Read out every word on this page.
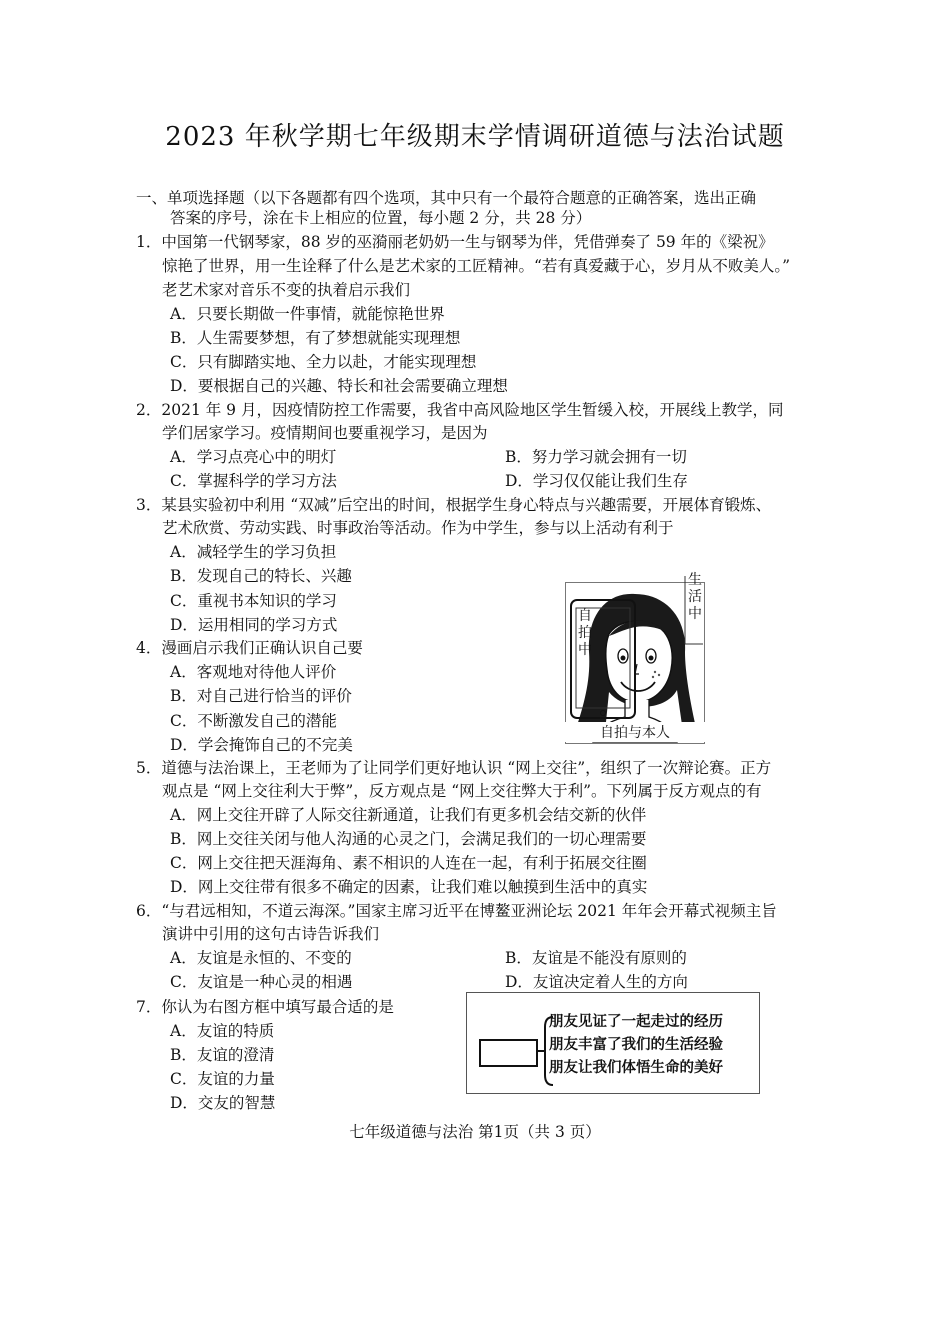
2023 年秋学期七年级期末学情调研道德与法治试题
一、单项选择题（以下各题都有四个选项，其中只有一个最符合题意的正确答案，选出正确
答案的序号，涂在卡上相应的位置，每小题 2 分，共 28 分）
1．中国第一代钢琴家，88 岁的巫漪丽老奶奶一生与钢琴为伴，凭借弹奏了 59 年的《梁祝》
惊艳了世界，用一生诠释了什么是艺术家的工匠精神。“若有真爱藏于心，岁月从不败美人。”
老艺术家对音乐不变的执着启示我们
A．只要长期做一件事情，就能惊艳世界
B．人生需要梦想，有了梦想就能实现理想
C．只有脚踏实地、全力以赴，才能实现理想
D．要根据自己的兴趣、特长和社会需要确立理想
2．2021 年 9 月，因疫情防控工作需要，我省中高风险地区学生暂缓入校，开展线上教学，同
学们居家学习。疫情期间也要重视学习，是因为
A．学习点亮心中的明灯	B．努力学习就会拥有一切
C．掌握科学的学习方法	D．学习仅仅能让我们生存
3．某县实验初中利用 “双减”后空出的时间，根据学生身心特点与兴趣需要，开展体育锻炼、
艺术欣赏、劳动实践、时事政治等活动。作为中学生，参与以上活动有利于
A．减轻学生的学习负担
B．发现自己的特长、兴趣
C．重视书本知识的学习
D．运用相同的学习方式
4．漫画启示我们正确认识自己要
A．客观地对待他人评价
B．对自己进行恰当的评价
C．不断激发自己的潜能
D．学会掩饰自己的不完美
自拍中
生活中
自拍与本人
5．道德与法治课上，王老师为了让同学们更好地认识 “网上交往”，组织了一次辩论赛。正方
观点是 “网上交往利大于弊”，反方观点是 “网上交往弊大于利”。下列属于反方观点的有
A．网上交往开辟了人际交往新通道，让我们有更多机会结交新的伙伴
B．网上交往关闭与他人沟通的心灵之门，会满足我们的一切心理需要
C．网上交往把天涯海角、素不相识的人连在一起，有利于拓展交往圈
D．网上交往带有很多不确定的因素，让我们难以触摸到生活中的真实
6．“与君远相知，不道云海深。”国家主席习近平在博鳌亚洲论坛 2021 年年会开幕式视频主旨
演讲中引用的这句古诗告诉我们
A．友谊是永恒的、不变的	B．友谊是不能没有原则的
C．友谊是一种心灵的相遇	D．友谊决定着人生的方向
7．你认为右图方框中填写最合适的是
A．友谊的特质
B．友谊的澄清
C．友谊的力量
D．交友的智慧
朋友见证了一起走过的经历
朋友丰富了我们的生活经验
朋友让我们体悟生命的美好
七年级道德与法治 第1页（共 3 页）
